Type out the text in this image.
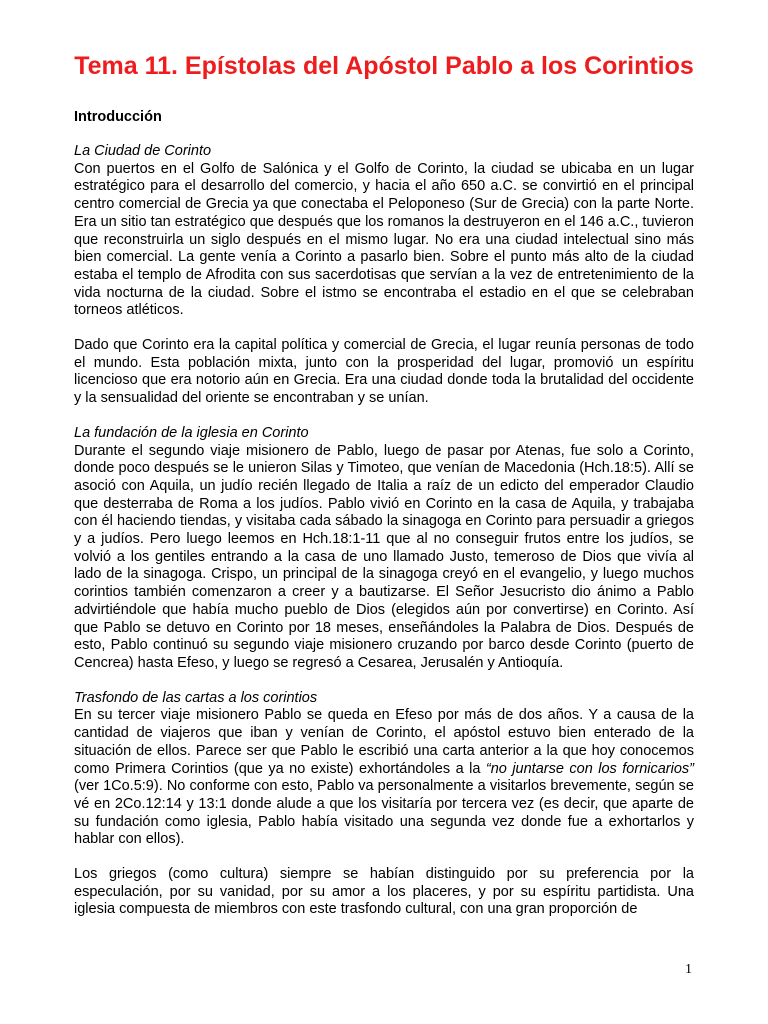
Tema 11. Epístolas del Apóstol Pablo a los Corintios
Introducción
La Ciudad de Corinto

Con puertos en el Golfo de Salónica y el Golfo de Corinto, la ciudad se ubicaba en un lugar estratégico para el desarrollo del comercio, y hacia el año 650 a.C. se convirtió en el principal centro comercial de Grecia ya que conectaba el Peloponeso (Sur de Grecia) con la parte Norte. Era un sitio tan estratégico que después que los romanos la destruyeron en el 146 a.C., tuvieron que reconstruirla un siglo después en el mismo lugar. No era una ciudad intelectual sino más bien comercial. La gente venía a Corinto a pasarlo bien. Sobre el punto más alto de la ciudad estaba el templo de Afrodita con sus sacerdotisas que servían a la vez de entretenimiento de la vida nocturna de la ciudad. Sobre el istmo se encontraba el estadio en el que se celebraban torneos atléticos.

Dado que Corinto era la capital política y comercial de Grecia, el lugar reunía personas de todo el mundo. Esta población mixta, junto con la prosperidad del lugar, promovió un espíritu licencioso que era notorio aún en Grecia. Era una ciudad donde toda la brutalidad del occidente y la sensualidad del oriente se encontraban y se unían.

La fundación de la iglesia en Corinto

Durante el segundo viaje misionero de Pablo, luego de pasar por Atenas, fue solo a Corinto, donde poco después se le unieron Silas y Timoteo, que venían de Macedonia (Hch.18:5). Allí se asoció con Aquila, un judío recién llegado de Italia a raíz de un edicto del emperador Claudio que desterraba de Roma a los judíos. Pablo vivió en Corinto en la casa de Aquila, y trabajaba con él haciendo tiendas, y visitaba cada sábado la sinagoga en Corinto para persuadir a griegos y a judíos. Pero luego leemos en Hch.18:1-11 que al no conseguir frutos entre los judíos, se volvió a los gentiles entrando a la casa de uno llamado Justo, temeroso de Dios que vivía al lado de la sinagoga. Crispo, un principal de la sinagoga creyó en el evangelio, y luego muchos corintios también comenzaron a creer y a bautizarse. El Señor Jesucristo dio ánimo a Pablo advirtiéndole que había mucho pueblo de Dios (elegidos aún por convertirse) en Corinto. Así que Pablo se detuvo en Corinto por 18 meses, enseñándoles la Palabra de Dios. Después de esto, Pablo continuó su segundo viaje misionero cruzando por barco desde Corinto (puerto de Cencrea) hasta Efeso, y luego se regresó a Cesarea, Jerusalén y Antioquía.

Trasfondo de las cartas a los corintios

En su tercer viaje misionero Pablo se queda en Efeso por más de dos años. Y a causa de la cantidad de viajeros que iban y venían de Corinto, el apóstol estuvo bien enterado de la situación de ellos. Parece ser que Pablo le escribió una carta anterior a la que hoy conocemos como Primera Corintios (que ya no existe) exhortándoles a la “no juntarse con los fornicarios” (ver 1Co.5:9). No conforme con esto, Pablo va personalmente a visitarlos brevemente, según se vé en 2Co.12:14 y 13:1 donde alude a que los visitaría por tercera vez (es decir, que aparte de su fundación como iglesia, Pablo había visitado una segunda vez donde fue a exhortarlos y hablar con ellos).

Los griegos (como cultura) siempre se habían distinguido por su preferencia por la especulación, por su vanidad, por su amor a los placeres, y por su espíritu partidista. Una iglesia compuesta de miembros con este trasfondo cultural, con una gran proporción de

1
